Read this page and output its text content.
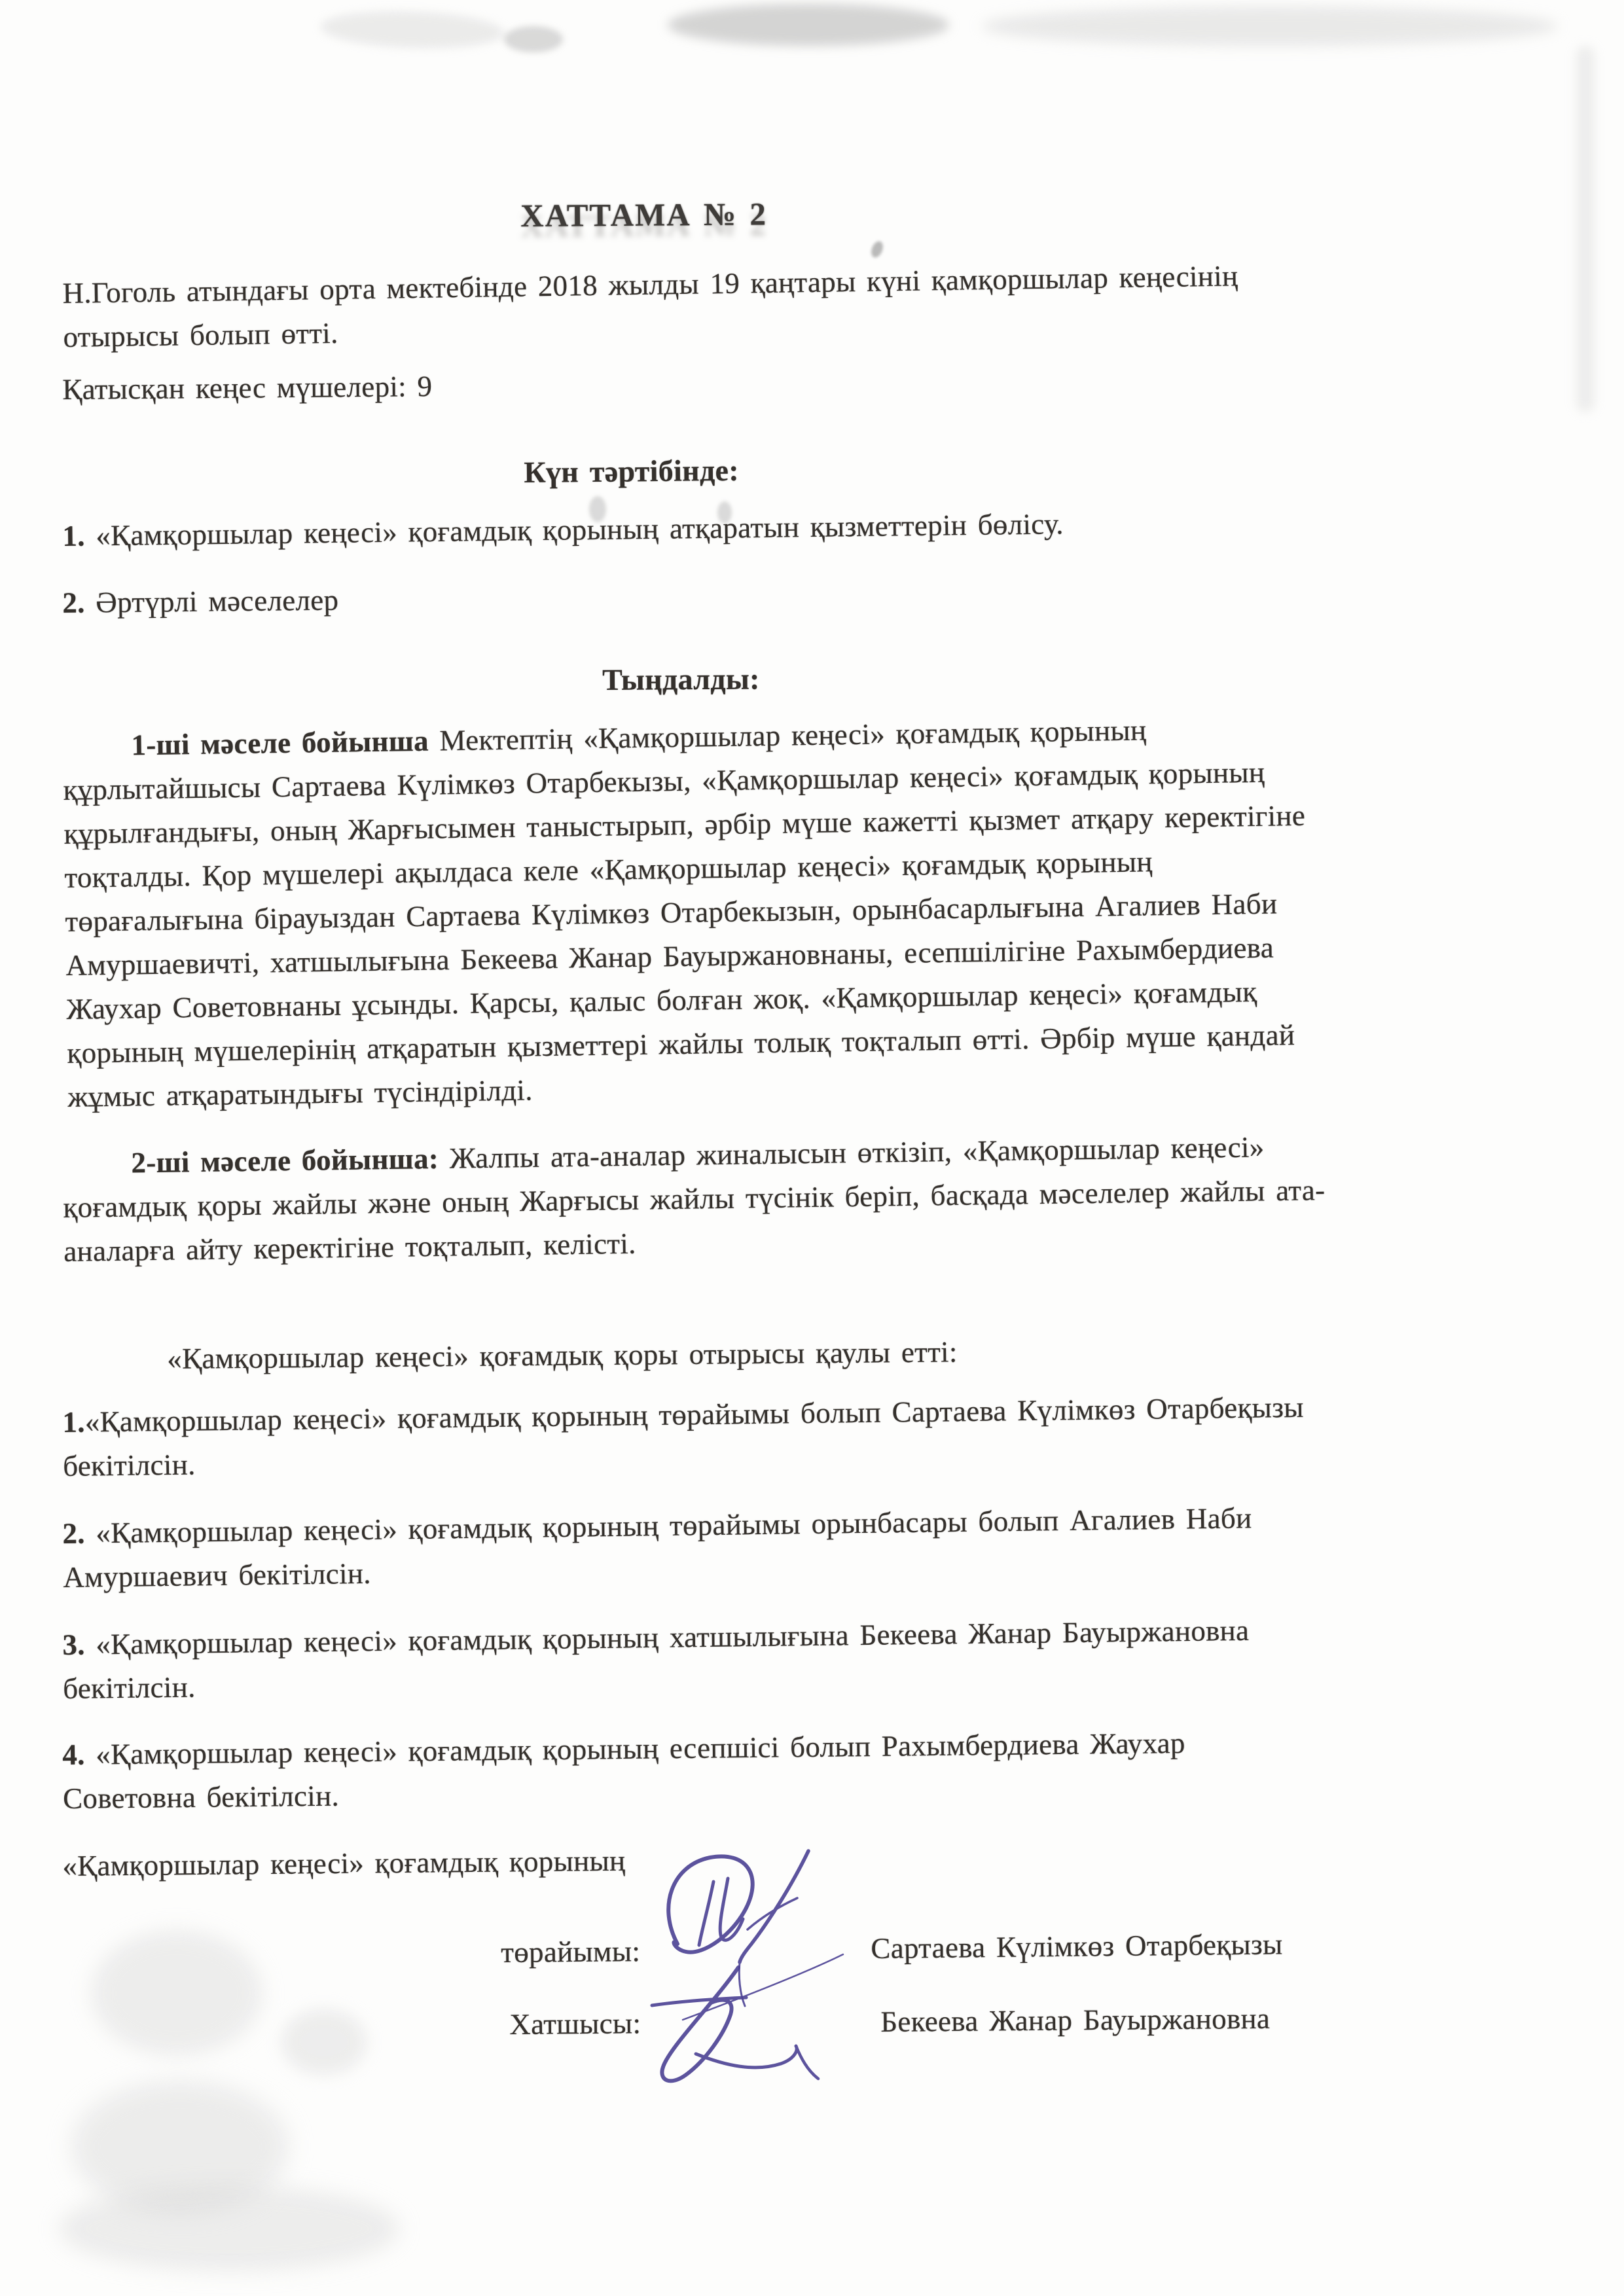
ХАТТАМА № 2
Н.Гоголь атындағы орта мектебінде 2018 жылды 19 қаңтары күні қамқоршылар кеңесінің
отырысы болып өтті.
Қатысқан кеңес мүшелері: 9
Күн тәртібінде:
1. «Қамқоршылар кеңесі» қоғамдық қорының атқаратын қызметтерін бөлісу.
2. Әртүрлі мәселелер
Тыңдалды:
1-ші мәселе бойынша Мектептің «Қамқоршылар кеңесі» қоғамдық қорының
құрлытайшысы Сартаева Күлімкөз Отарбекызы, «Қамқоршылар кеңесі» қоғамдық қорының
құрылғандығы, оның Жарғысымен таныстырып, әрбір мүше кажетті қызмет атқару керектігіне
тоқталды. Қор мүшелері ақылдаса келе «Қамқоршылар кеңесі» қоғамдық қорының
төрағалығына бірауыздан Сартаева Күлімкөз Отарбекызын, орынбасарлығына Агалиев Наби
Амуршаевичті, хатшылығына Бекеева Жанар Бауыржановнаны, есепшілігіне Рахымбердиева
Жаухар Советовнаны ұсынды. Қарсы, қалыс болған жоқ. «Қамқоршылар кеңесі» қоғамдық
қорының мүшелерінің атқаратын қызметтері жайлы толық тоқталып өтті. Әрбір мүше қандай
жұмыс атқаратындығы түсіндірілді.
2-ші мәселе бойынша: Жалпы ата-аналар жиналысын өткізіп, «Қамқоршылар кеңесі»
қоғамдық қоры жайлы және оның Жарғысы жайлы түсінік беріп, басқада мәселелер жайлы ата-
аналарға айту керектігіне тоқталып, келісті.
«Қамқоршылар кеңесі» қоғамдық қоры отырысы қаулы етті:
1.«Қамқоршылар кеңесі» қоғамдық қорының төрайымы болып Сартаева Күлімкөз Отарбеқызы
бекітілсін.
2. «Қамқоршылар кеңесі» қоғамдық қорының төрайымы орынбасары болып Агалиев Наби
Амуршаевич бекітілсін.
3. «Қамқоршылар кеңесі» қоғамдық қорының хатшылығына Бекеева Жанар Бауыржановна
бекітілсін.
4. «Қамқоршылар кеңесі» қоғамдық қорының есепшісі болып Рахымбердиева Жаухар
Советовна бекітілсін.
«Қамқоршылар кеңесі» қоғамдық қорының
төрайымы:	Сартаева Күлімкөз Отарбеқызы
Хатшысы:	Бекеева Жанар Бауыржановна
